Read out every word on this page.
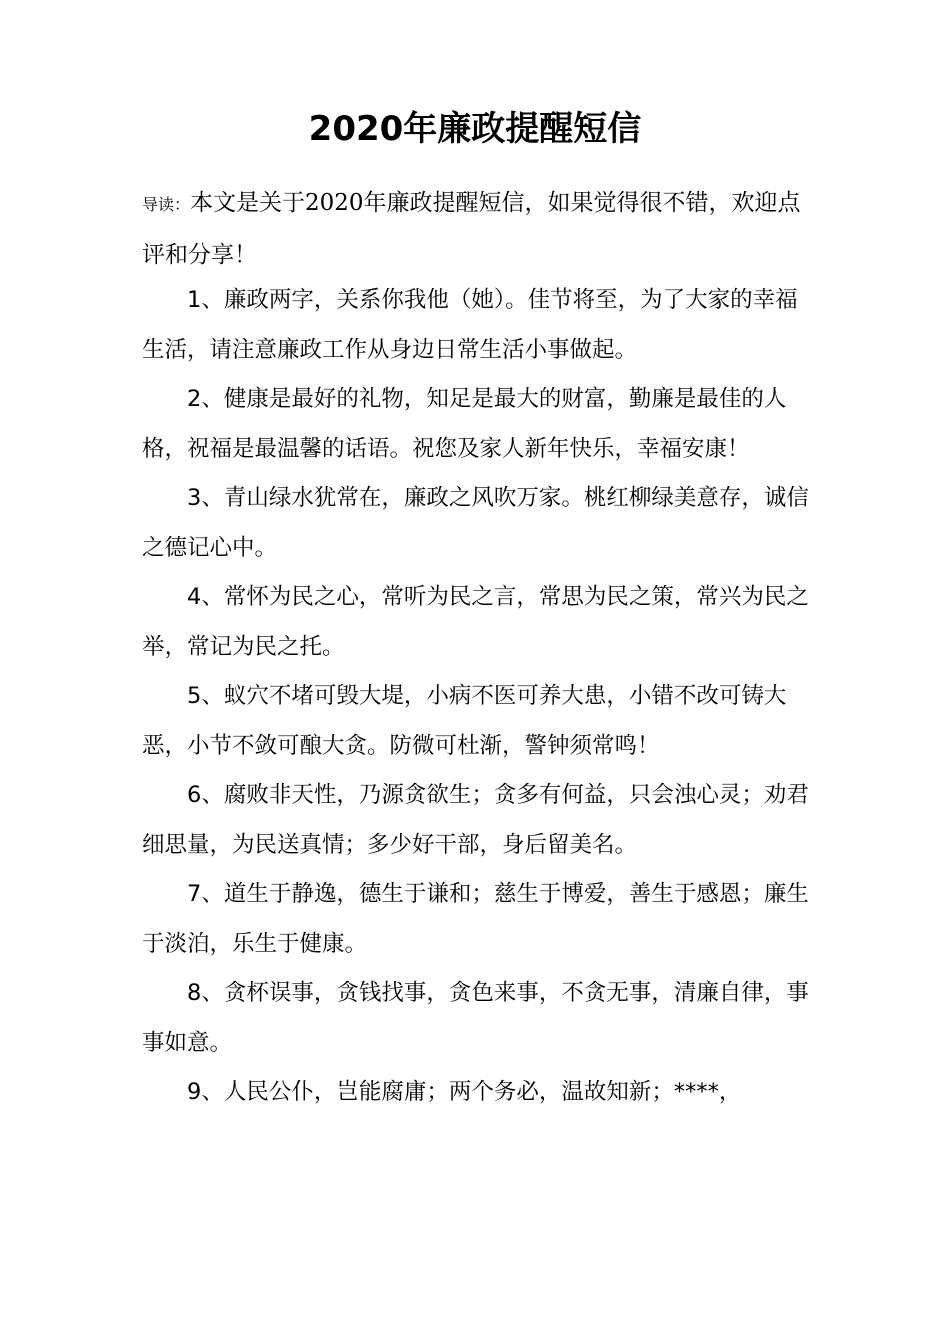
2020年廉政提醒短信
导读：本文是关于2020年廉政提醒短信，如果觉得很不错，欢迎点评和分享！

1、廉政两字，关系你我他（她）。佳节将至，为了大家的幸福生活，请注意廉政工作从身边日常生活小事做起。

2、健康是最好的礼物，知足是最大的财富，勤廉是最佳的人格，祝福是最温馨的话语。祝您及家人新年快乐，幸福安康！

3、青山绿水犹常在，廉政之风吹万家。桃红柳绿美意存，诚信之德记心中。

4、常怀为民之心，常听为民之言，常思为民之策，常兴为民之举，常记为民之托。

5、蚁穴不堵可毁大堤，小病不医可养大患，小错不改可铸大恶，小节不敛可酿大贪。防微可杜渐，警钟须常鸣！

6、腐败非天性，乃源贪欲生；贪多有何益，只会浊心灵；劝君细思量，为民送真情；多少好干部，身后留美名。

7、道生于静逸，德生于谦和；慈生于博爱，善生于感恩；廉生于淡泊，乐生于健康。

8、贪杯误事，贪钱找事，贪色来事，不贪无事，清廉自律，事事如意。

9、人民公仆，岂能腐庸；两个务必，温故知新；****，
